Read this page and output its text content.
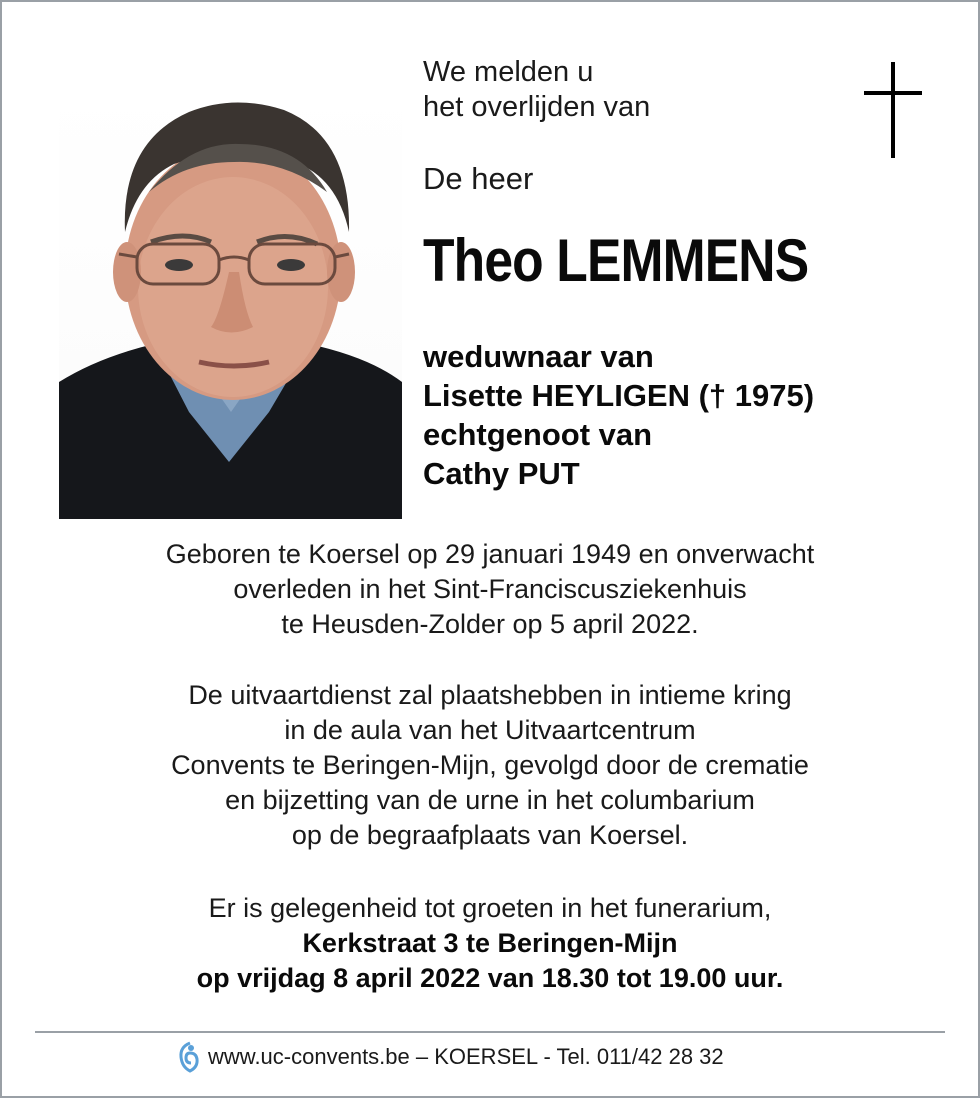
We melden u
het overlijden van
De heer
Theo LEMMENS
weduwnaar van
Lisette HEYLIGEN († 1975)
echtgenoot van
Cathy PUT
Geboren te Koersel op 29 januari 1949 en onverwacht
overleden in het Sint-Franciscusziekenhuis
te Heusden-Zolder op 5 april 2022.
De uitvaartdienst zal plaatshebben in intieme kring
in de aula van het Uitvaartcentrum
Convents te Beringen-Mijn, gevolgd door de crematie
en bijzetting van de urne in het columbarium
op de begraafplaats van Koersel.
Er is gelegenheid tot groeten in het funerarium,
Kerkstraat 3 te Beringen-Mijn
op vrijdag 8 april 2022 van 18.30 tot 19.00 uur.
www.uc-convents.be – KOERSEL - Tel. 011/42 28 32
